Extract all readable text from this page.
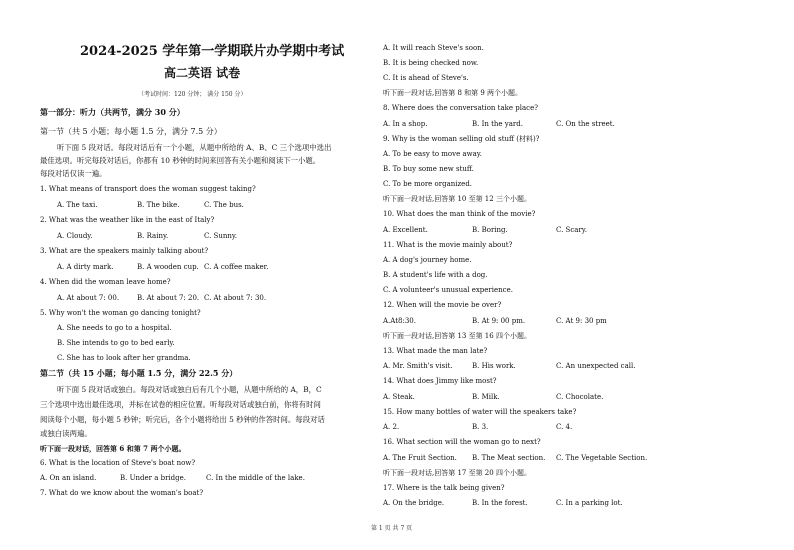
2024-2025 学年第一学期联片办学期中考试
高二英语 试卷
（考试时间：120 分钟； 满分 150 分）
第一部分：听力（共两节，满分 30 分）
第一节（共 5 小题；每小题 1.5 分，满分 7.5 分）
听下面 5 段对话。每段对话后有一个小题，从题中所给的 A、B、C 三个选项中选出
最佳选项。听完每段对话后，你都有 10 秒钟的时间来回答有关小题和阅读下一小题。
每段对话仅读一遍。
1. What means of transport does the woman suggest taking?
A. The taxi.	B. The bike.	C. The bus.
2. What was the weather like in the east of Italy?
A. Cloudy.	B. Rainy.	C. Sunny.
3. What are the speakers mainly talking about?
A. A dirty mark.	B. A wooden cup. C. A coffee maker.
4. When did the woman leave home?
A. At about 7: 00.	B. At about 7: 20. C. At about 7: 30.
5. Why won't the woman go dancing tonight?
A. She needs to go to a hospital.
B. She intends to go to bed early.
C. She has to look after her grandma.
第二节（共 15 小题；每小题 1.5 分，满分 22.5 分）
听下面 5 段对话或独白。每段对话或独白后有几个小题，从题中所给的 A，B，C
三个选项中选出最佳选项，并标在试卷的相应位置。听每段对话或独白前，你将有时间
阅读每个小题，每小题 5 秒钟；听完后，各个小题将给出 5 秒钟的作答时间。每段对话
或独白读两遍。
听下面一段对话，回答第 6 和第 7 两个小题。
6. What is the location of Steve's boat now?
A. On an island.	B. Under a bridge.	C. In the middle of the lake.
7. What do we know about the woman's boat?
A. It will reach Steve's soon.
B. It is being checked now.
C. It is ahead of Steve's.
听下面一段对话,回答第 8 和第 9 两个小题。
8. Where does the conversation take place?
A. In a shop.	B. In the yard.	C. On the street.
9. Why is the woman selling old stuff (材料)?
A. To be easy to move away.
B. To buy some new stuff.
C. To be more organized.
听下面一段对话,回答第 10 至第 12 三个小题。
10. What does the man think of the movie?
A. Excellent.	B. Boring.	C. Scary.
11. What is the movie mainly about?
A. A dog's journey home.
B. A student's life with a dog.
C. A volunteer's unusual experience.
12. When will the movie be over?
A.At8:30.	B. At 9: 00 pm.	C. At 9: 30 pm
听下面一段对话,回答第 13 至第 16 四个小题。
13. What made the man late?
A. Mr. Smith's visit.	B. His work.	C. An unexpected call.
14. What does Jimmy like most?
A. Steak.	B. Milk.	C. Chocolate.
15. How many bottles of water will the speakers take?
A. 2.	B. 3.	C. 4.
16. What section will the woman go to next?
A. The Fruit Section. B. The Meat section. C. The Vegetable Section.
听下面一段对话,回答第 17 至第 20 四个小题。
17. Where is the talk being given?
A. On the bridge.	B. In the forest.	C. In a parking lot.
第 1 页 共 7 页
